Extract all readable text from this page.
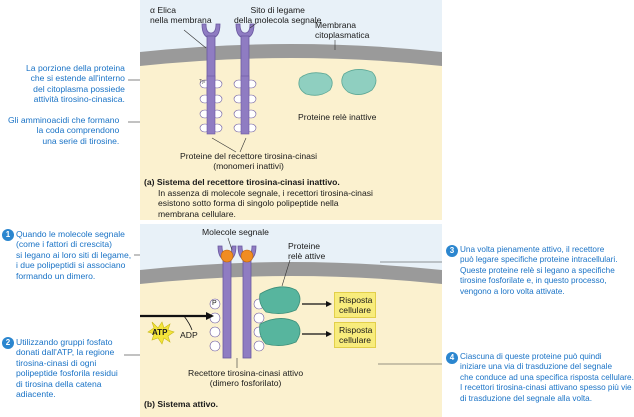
Tyr
α Elica
nella membrana
Sito di legame
della molecola segnale
Membrana
citoplasmatica
Proteine relè inattive
Proteine del recettore tirosina-cinasi
(monomeri inattivi)
(a) Sistema del recettore tirosina-cinasi inattivo.
In assenza di molecole segnale, i recettori tirosina-cinasi
esistono sotto forma di singolo polipeptide nella
membrana cellulare.
La porzione della proteina
che si estende all'interno
del citoplasma possiede
attività tirosino-cinasica.
Gli amminoacidi che formano
la coda comprendono
una serie di tirosine.
Molecole segnale
Proteine
relè attive
ATP ADP
P	Risposta
cellulare
Risposta
cellulare
Recettore tirosina-cinasi attivo
(dimero fosforilato)
(b) Sistema attivo.
1 Quando le molecole segnale
(come i fattori di crescita)
si legano ai loro siti di legame,
i due polipeptidi si associano
formando un dimero.
2 Utilizzando gruppi fosfato
donati dall'ATP, la regione
tirosina-cinasi di ogni
polipeptide fosforila residui
di tirosina della catena
adiacente.
3 Una volta pienamente attivo, il recettore
può legare specifiche proteine intracellulari.
Queste proteine relè si legano a specifiche
tirosine fosforilate e, in questo processo,
vengono a loro volta attivate.
4 Ciascuna di queste proteine può quindi
iniziare una via di trasduzione del segnale
che conduce ad una specifica risposta cellulare.
I recettori tirosina-cinasi attivano spesso più vie
di trasduzione del segnale alla volta.
